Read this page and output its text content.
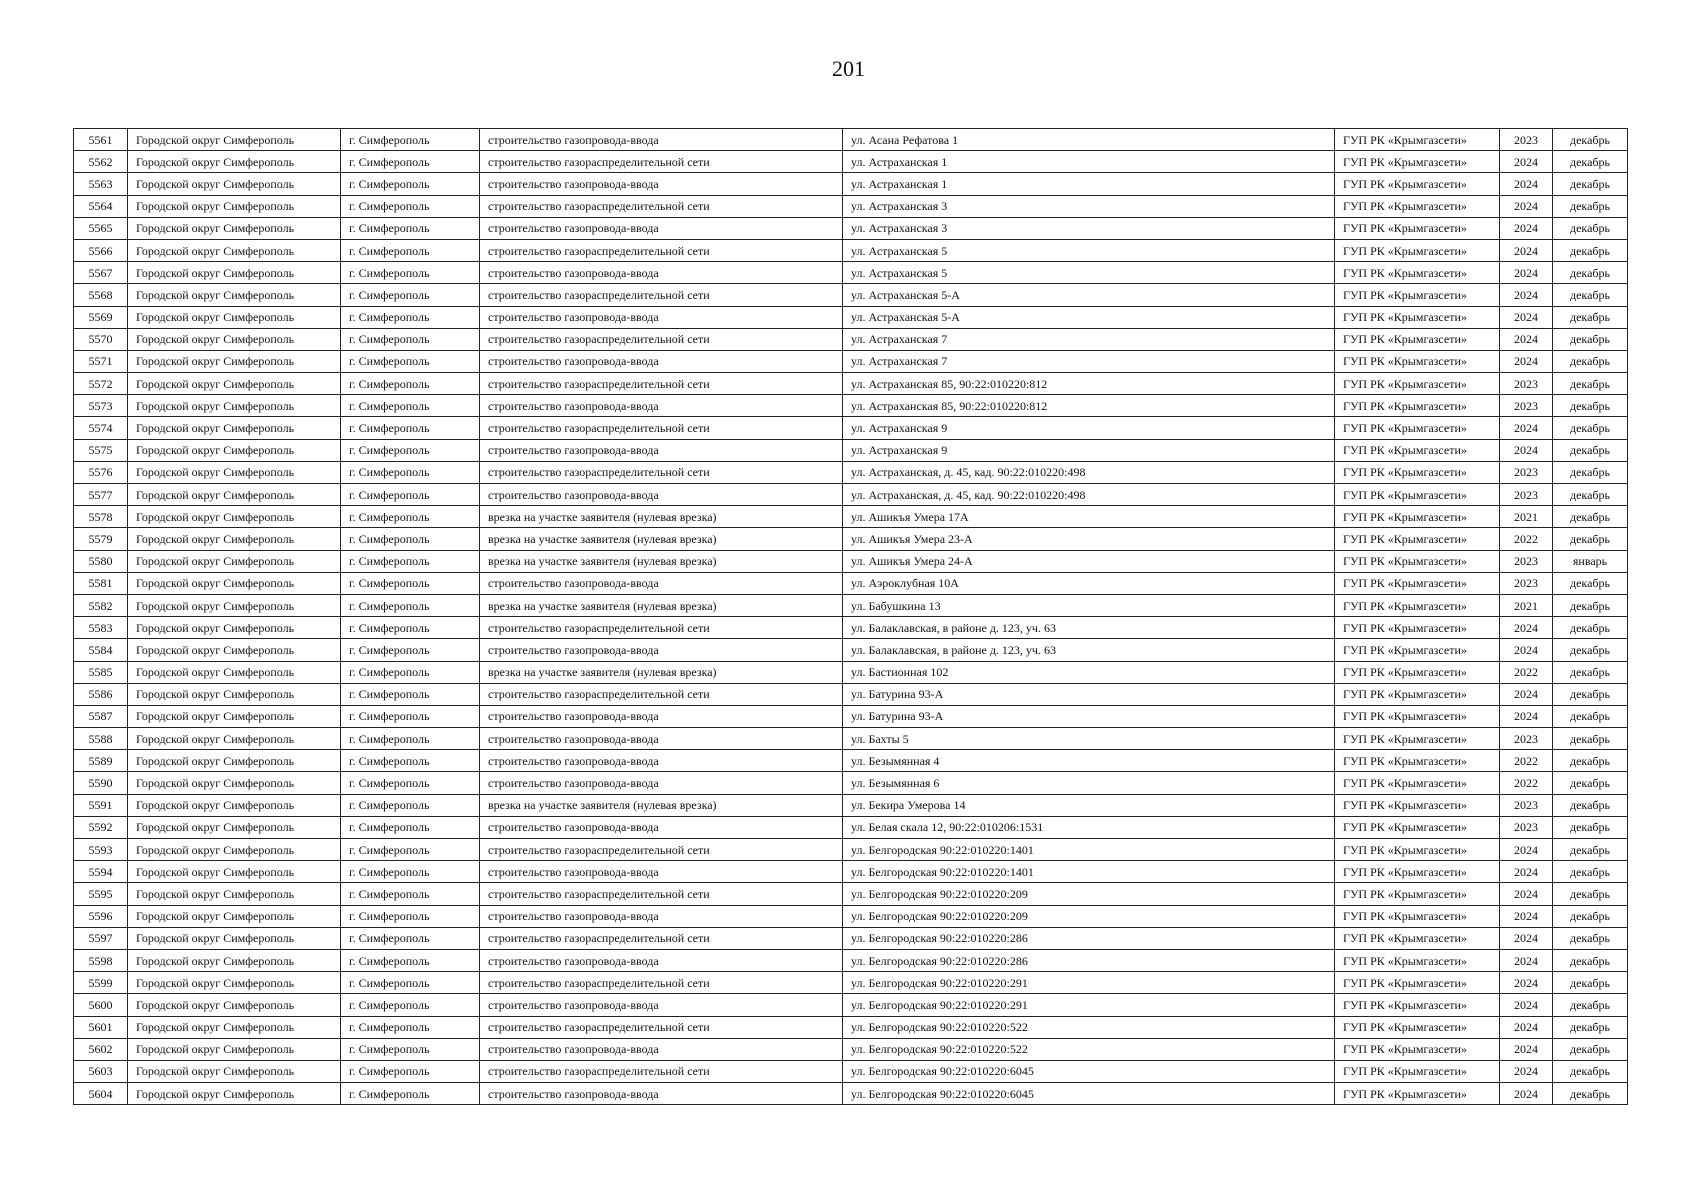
201
5561	Городской округ Симферополь	г. Симферополь	строительство газопровода-ввода	ул. Асана Рефатова 1	ГУП РК «Крымгазсети»	2023	декабрь
5562	Городской округ Симферополь	г. Симферополь	строительство газораспределительной сети	ул. Астраханская 1	ГУП РК «Крымгазсети»	2024	декабрь
5563	Городской округ Симферополь	г. Симферополь	строительство газопровода-ввода	ул. Астраханская 1	ГУП РК «Крымгазсети»	2024	декабрь
5564	Городской округ Симферополь	г. Симферополь	строительство газораспределительной сети	ул. Астраханская 3	ГУП РК «Крымгазсети»	2024	декабрь
5565	Городской округ Симферополь	г. Симферополь	строительство газопровода-ввода	ул. Астраханская 3	ГУП РК «Крымгазсети»	2024	декабрь
5566	Городской округ Симферополь	г. Симферополь	строительство газораспределительной сети	ул. Астраханская 5	ГУП РК «Крымгазсети»	2024	декабрь
5567	Городской округ Симферополь	г. Симферополь	строительство газопровода-ввода	ул. Астраханская 5	ГУП РК «Крымгазсети»	2024	декабрь
5568	Городской округ Симферополь	г. Симферополь	строительство газораспределительной сети	ул. Астраханская 5-А	ГУП РК «Крымгазсети»	2024	декабрь
5569	Городской округ Симферополь	г. Симферополь	строительство газопровода-ввода	ул. Астраханская 5-А	ГУП РК «Крымгазсети»	2024	декабрь
5570	Городской округ Симферополь	г. Симферополь	строительство газораспределительной сети	ул. Астраханская 7	ГУП РК «Крымгазсети»	2024	декабрь
5571	Городской округ Симферополь	г. Симферополь	строительство газопровода-ввода	ул. Астраханская 7	ГУП РК «Крымгазсети»	2024	декабрь
5572	Городской округ Симферополь	г. Симферополь	строительство газораспределительной сети	ул. Астраханская 85, 90:22:010220:812	ГУП РК «Крымгазсети»	2023	декабрь
5573	Городской округ Симферополь	г. Симферополь	строительство газопровода-ввода	ул. Астраханская 85, 90:22:010220:812	ГУП РК «Крымгазсети»	2023	декабрь
5574	Городской округ Симферополь	г. Симферополь	строительство газораспределительной сети	ул. Астраханская 9	ГУП РК «Крымгазсети»	2024	декабрь
5575	Городской округ Симферополь	г. Симферополь	строительство газопровода-ввода	ул. Астраханская 9	ГУП РК «Крымгазсети»	2024	декабрь
5576	Городской округ Симферополь	г. Симферополь	строительство газораспределительной сети	ул. Астраханская, д. 45, кад. 90:22:010220:498	ГУП РК «Крымгазсети»	2023	декабрь
5577	Городской округ Симферополь	г. Симферополь	строительство газопровода-ввода	ул. Астраханская, д. 45, кад. 90:22:010220:498	ГУП РК «Крымгазсети»	2023	декабрь
5578	Городской округ Симферополь	г. Симферополь	врезка на участке заявителя (нулевая врезка)	ул. Ашикъя Умера 17А	ГУП РК «Крымгазсети»	2021	декабрь
5579	Городской округ Симферополь	г. Симферополь	врезка на участке заявителя (нулевая врезка)	ул. Ашикъя Умера 23-А	ГУП РК «Крымгазсети»	2022	декабрь
5580	Городской округ Симферополь	г. Симферополь	врезка на участке заявителя (нулевая врезка)	ул. Ашикъя Умера 24-А	ГУП РК «Крымгазсети»	2023	январь
5581	Городской округ Симферополь	г. Симферополь	строительство газопровода-ввода	ул. Аэроклубная 10А	ГУП РК «Крымгазсети»	2023	декабрь
5582	Городской округ Симферополь	г. Симферополь	врезка на участке заявителя (нулевая врезка)	ул. Бабушкина 13	ГУП РК «Крымгазсети»	2021	декабрь
5583	Городской округ Симферополь	г. Симферополь	строительство газораспределительной сети	ул. Балаклавская, в районе д. 123, уч. 63	ГУП РК «Крымгазсети»	2024	декабрь
5584	Городской округ Симферополь	г. Симферополь	строительство газопровода-ввода	ул. Балаклавская, в районе д. 123, уч. 63	ГУП РК «Крымгазсети»	2024	декабрь
5585	Городской округ Симферополь	г. Симферополь	врезка на участке заявителя (нулевая врезка)	ул. Бастионная 102	ГУП РК «Крымгазсети»	2022	декабрь
5586	Городской округ Симферополь	г. Симферополь	строительство газораспределительной сети	ул. Батурина 93-А	ГУП РК «Крымгазсети»	2024	декабрь
5587	Городской округ Симферополь	г. Симферополь	строительство газопровода-ввода	ул. Батурина 93-А	ГУП РК «Крымгазсети»	2024	декабрь
5588	Городской округ Симферополь	г. Симферополь	строительство газопровода-ввода	ул. Бахты 5	ГУП РК «Крымгазсети»	2023	декабрь
5589	Городской округ Симферополь	г. Симферополь	строительство газопровода-ввода	ул. Безымянная 4	ГУП РК «Крымгазсети»	2022	декабрь
5590	Городской округ Симферополь	г. Симферополь	строительство газопровода-ввода	ул. Безымянная 6	ГУП РК «Крымгазсети»	2022	декабрь
5591	Городской округ Симферополь	г. Симферополь	врезка на участке заявителя (нулевая врезка)	ул. Бекира Умерова 14	ГУП РК «Крымгазсети»	2023	декабрь
5592	Городской округ Симферополь	г. Симферополь	строительство газопровода-ввода	ул. Белая скала 12, 90:22:010206:1531	ГУП РК «Крымгазсети»	2023	декабрь
5593	Городской округ Симферополь	г. Симферополь	строительство газораспределительной сети	ул. Белгородская 90:22:010220:1401	ГУП РК «Крымгазсети»	2024	декабрь
5594	Городской округ Симферополь	г. Симферополь	строительство газопровода-ввода	ул. Белгородская 90:22:010220:1401	ГУП РК «Крымгазсети»	2024	декабрь
5595	Городской округ Симферополь	г. Симферополь	строительство газораспределительной сети	ул. Белгородская 90:22:010220:209	ГУП РК «Крымгазсети»	2024	декабрь
5596	Городской округ Симферополь	г. Симферополь	строительство газопровода-ввода	ул. Белгородская 90:22:010220:209	ГУП РК «Крымгазсети»	2024	декабрь
5597	Городской округ Симферополь	г. Симферополь	строительство газораспределительной сети	ул. Белгородская 90:22:010220:286	ГУП РК «Крымгазсети»	2024	декабрь
5598	Городской округ Симферополь	г. Симферополь	строительство газопровода-ввода	ул. Белгородская 90:22:010220:286	ГУП РК «Крымгазсети»	2024	декабрь
5599	Городской округ Симферополь	г. Симферополь	строительство газораспределительной сети	ул. Белгородская 90:22:010220:291	ГУП РК «Крымгазсети»	2024	декабрь
5600	Городской округ Симферополь	г. Симферополь	строительство газопровода-ввода	ул. Белгородская 90:22:010220:291	ГУП РК «Крымгазсети»	2024	декабрь
5601	Городской округ Симферополь	г. Симферополь	строительство газораспределительной сети	ул. Белгородская 90:22:010220:522	ГУП РК «Крымгазсети»	2024	декабрь
5602	Городской округ Симферополь	г. Симферополь	строительство газопровода-ввода	ул. Белгородская 90:22:010220:522	ГУП РК «Крымгазсети»	2024	декабрь
5603	Городской округ Симферополь	г. Симферополь	строительство газораспределительной сети	ул. Белгородская 90:22:010220:6045	ГУП РК «Крымгазсети»	2024	декабрь
5604	Городской округ Симферополь	г. Симферополь	строительство газопровода-ввода	ул. Белгородская 90:22:010220:6045	ГУП РК «Крымгазсети»	2024	декабрь
